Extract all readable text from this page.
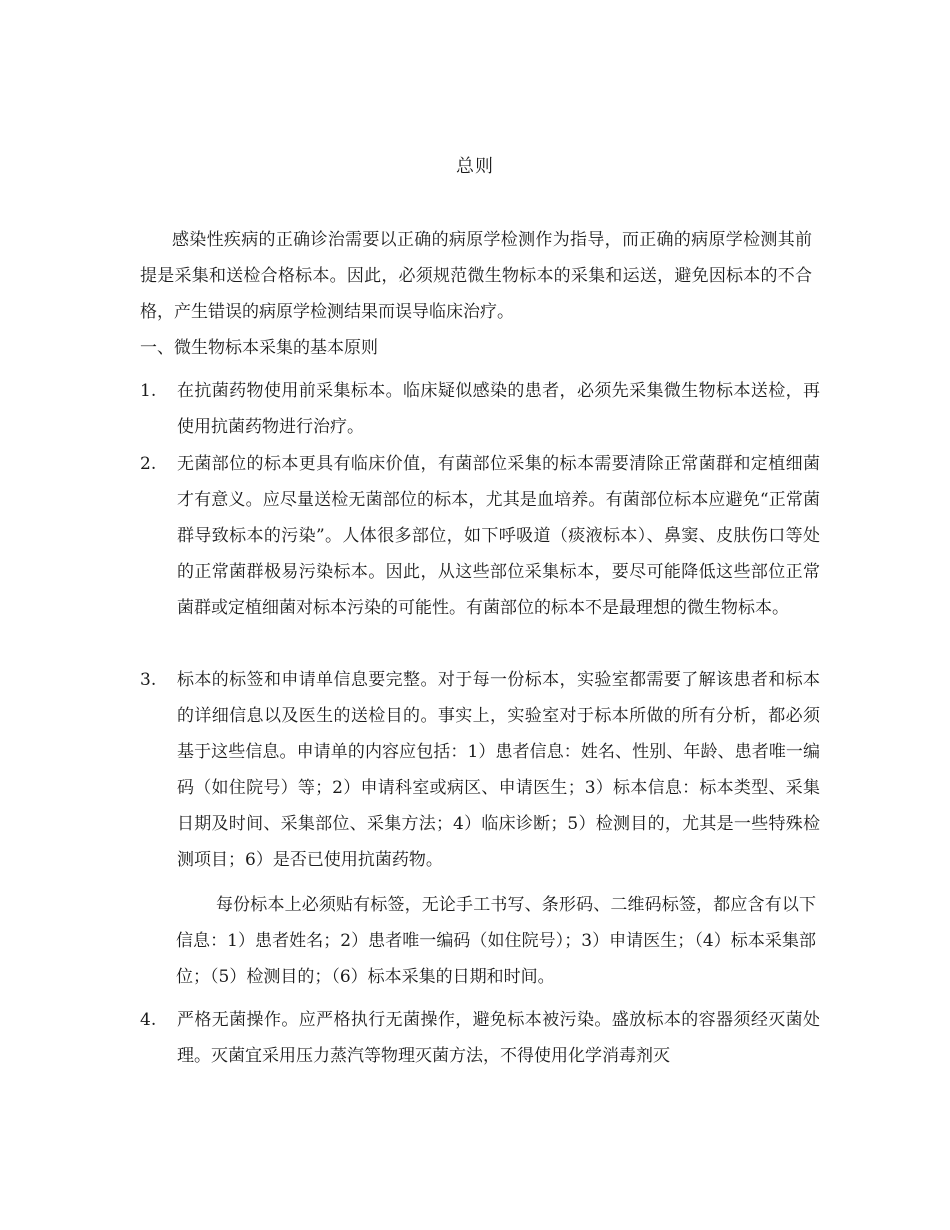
总则
感染性疾病的正确诊治需要以正确的病原学检测作为指导，而正确的病原学检测其前提是采集和送检合格标本。因此，必须规范微生物标本的采集和运送，避免因标本的不合格，产生错误的病原学检测结果而误导临床治疗。
一、微生物标本采集的基本原则
1.	在抗菌药物使用前采集标本。临床疑似感染的患者，必须先采集微生物标本送检，再使用抗菌药物进行治疗。
2.	无菌部位的标本更具有临床价值，有菌部位采集的标本需要清除正常菌群和定植细菌才有意义。应尽量送检无菌部位的标本，尤其是血培养。有菌部位标本应避免“正常菌群导致标本的污染”。人体很多部位，如下呼吸道（痰液标本）、鼻窦、皮肤伤口等处的正常菌群极易污染标本。因此，从这些部位采集标本，要尽可能降低这些部位正常菌群或定植细菌对标本污染的可能性。有菌部位的标本不是最理想的微生物标本。
3.	标本的标签和申请单信息要完整。对于每一份标本，实验室都需要了解该患者和标本的详细信息以及医生的送检目的。事实上，实验室对于标本所做的所有分析，都必须基于这些信息。申请单的内容应包括：1）患者信息：姓名、性别、年龄、患者唯一编码（如住院号）等；2）申请科室或病区、申请医生；3）标本信息：标本类型、采集日期及时间、采集部位、采集方法；4）临床诊断；5）检测目的，尤其是一些特殊检测项目；6）是否已使用抗菌药物。
每份标本上必须贴有标签，无论手工书写、条形码、二维码标签，都应含有以下信息：1）患者姓名；2）患者唯一编码（如住院号）；3）申请医生；（4）标本采集部位；（5）检测目的；（6）标本采集的日期和时间。
4.	严格无菌操作。应严格执行无菌操作，避免标本被污染。盛放标本的容器须经灭菌处理。灭菌宜采用压力蒸汽等物理灭菌方法，不得使用化学消毒剂灭
